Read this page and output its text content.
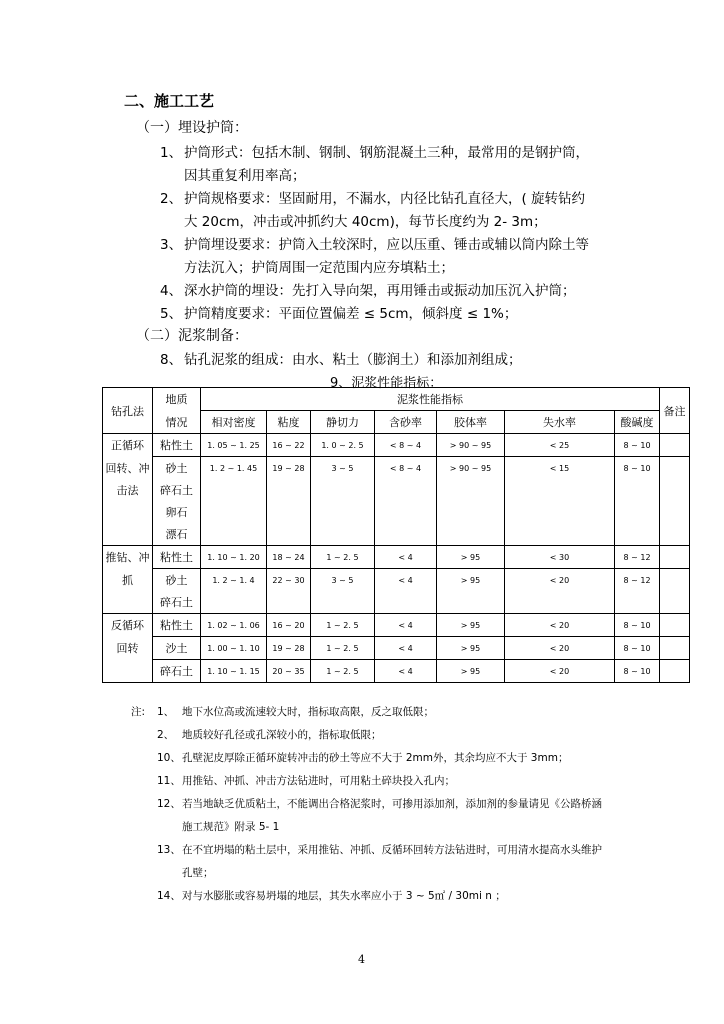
二、施工工艺
（一）埋设护筒：
1、 护筒形式：包括木制、钢制、钢筋混凝土三种，最常用的是钢护筒，
因其重复利用率高；
2、 护筒规格要求：坚固耐用，不漏水，内径比钻孔直径大，( 旋转钻约
大 20cm，冲击或冲抓约大 40cm)，每节长度约为 2- 3m；
3、 护筒埋设要求：护筒入土较深时，应以压重、锤击或辅以筒内除土等
方法沉入；护筒周围一定范围内应夯填粘土；
4、 深水护筒的埋设：先打入导向架，再用锤击或振动加压沉入护筒；
5、 护筒精度要求：平面位置偏差 ≤ 5cm，倾斜度 ≤ 1%；
（二）泥浆制备：
8、 钻孔泥浆的组成：由水、粘土（膨润土）和添加剂组成；
9、泥浆性能指标：
钻孔法	地质	泥浆性能指标							备注
	情况	相对密度	粘度	静切力	含砂率	胶体率	失水率	酸碱度	
正循环	粘性土	1. 05 ~ 1. 25	16 ~ 22	1. 0 ~ 2. 5	< 8 ~ 4	> 90 ~ 95	< 25	8 ~ 10	
回转、冲	砂土	1. 2 ~ 1. 45	19 ~ 28	3 ~ 5	< 8 ~ 4	> 90 ~ 95	< 15	8 ~ 10	
击法	碎石土								
	卵石								
	漂石								
推钻、冲	粘性土	1. 10 ~ 1. 20	18 ~ 24	1 ~ 2. 5	< 4	> 95	< 30	8 ~ 12	
抓	砂土	1. 2 ~ 1. 4	22 ~ 30	3 ~ 5	< 4	> 95	< 20	8 ~ 12	
	碎石土								
反循环	粘性土	1. 02 ~ 1. 06	16 ~ 20	1 ~ 2. 5	< 4	> 95	< 20	8 ~ 10	
回转	沙土	1. 00 ~ 1. 10	19 ~ 28	1 ~ 2. 5	< 4	> 95	< 20	8 ~ 10	
	碎石土	1. 10 ~ 1. 15	20 ~ 35	1 ~ 2. 5	< 4	> 95	< 20	8 ~ 10	
注: 1、 地下水位高或流速较大时，指标取高限，反之取低限；
2、 地质较好孔径或孔深较小的，指标取低限；
10、 孔壁泥皮厚除正循环旋转冲击的砂土等应不大于 2mm外，其余均应不大于 3mm；
11、 用推钻、冲抓、冲击方法钻进时，可用粘土碎块投入孔内；
12、 若当地缺乏优质粘土，不能调出合格泥浆时，可掺用添加剂，添加剂的参量请见《公路桥涵
施工规范》附录 5- 1
13、 在不宜坍塌的粘土层中，采用推钻、冲抓、反循环回转方法钻进时，可用清水提高水头维护
孔壁；
14、 对与水膨胀或容易坍塌的地层，其失水率应小于 3 ~ 5㎡ / 30mi n ；
4
